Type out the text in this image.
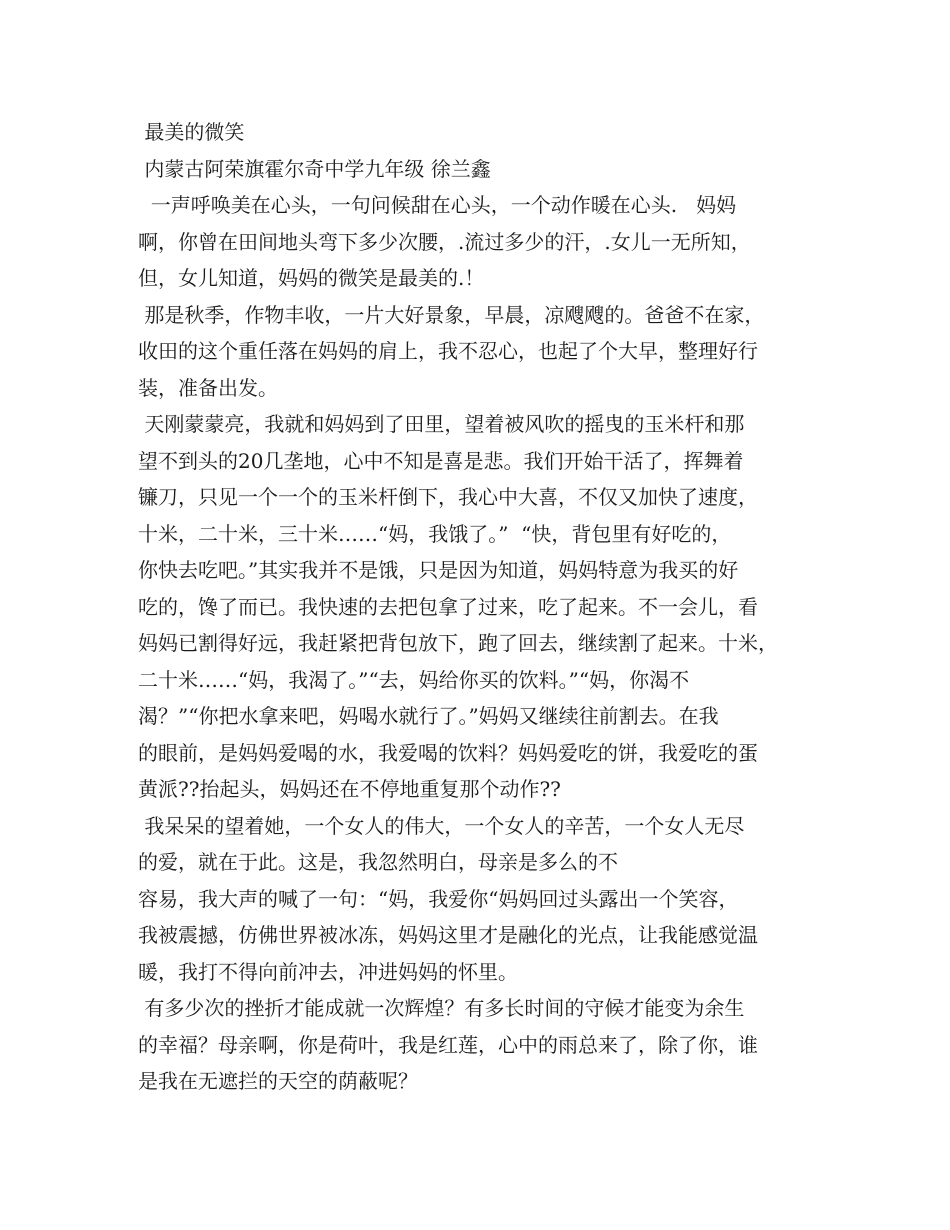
最美的微笑
内蒙古阿荣旗霍尔奇中学九年级 徐兰鑫
一声呼唤美在心头，一句问候甜在心头，一个动作暖在心头.   妈妈
啊，你曾在田间地头弯下多少次腰，.流过多少的汗，.女儿一无所知，
但，女儿知道，妈妈的微笑是最美的.！
那是秋季，作物丰收，一片大好景象，早晨，凉飕飕的。爸爸不在家，
收田的这个重任落在妈妈的肩上，我不忍心，也起了个大早，整理好行
装，准备出发。
天刚蒙蒙亮，我就和妈妈到了田里，望着被风吹的摇曳的玉米杆和那
望不到头的20几垄地，心中不知是喜是悲。我们开始干活了，挥舞着
镰刀，只见一个一个的玉米杆倒下，我心中大喜，不仅又加快了速度，
十米，二十米，三十米……“妈，我饿了。”  “快，背包里有好吃的，
你快去吃吧。”其实我并不是饿，只是因为知道，妈妈特意为我买的好
吃的，馋了而已。我快速的去把包拿了过来，吃了起来。不一会儿，看
妈妈已割得好远，我赶紧把背包放下，跑了回去，继续割了起来。十米，
二十米……“妈，我渴了。”“去，妈给你买的饮料。”“妈，你渴不
渴？”“你把水拿来吧，妈喝水就行了。”妈妈又继续往前割去。在我
的眼前，是妈妈爱喝的水，我爱喝的饮料？妈妈爱吃的饼，我爱吃的蛋
黄派??抬起头，妈妈还在不停地重复那个动作??
我呆呆的望着她，一个女人的伟大，一个女人的辛苦，一个女人无尽
的爱，就在于此。这是，我忽然明白，母亲是多么的不
容易，我大声的喊了一句：“妈，我爱你“妈妈回过头露出一个笑容，
我被震撼，仿佛世界被冰冻，妈妈这里才是融化的光点，让我能感觉温
暖，我打不得向前冲去，冲进妈妈的怀里。
有多少次的挫折才能成就一次辉煌？有多长时间的守候才能变为余生
的幸福？母亲啊，你是荷叶，我是红莲，心中的雨总来了，除了你，谁
是我在无遮拦的天空的荫蔽呢？
